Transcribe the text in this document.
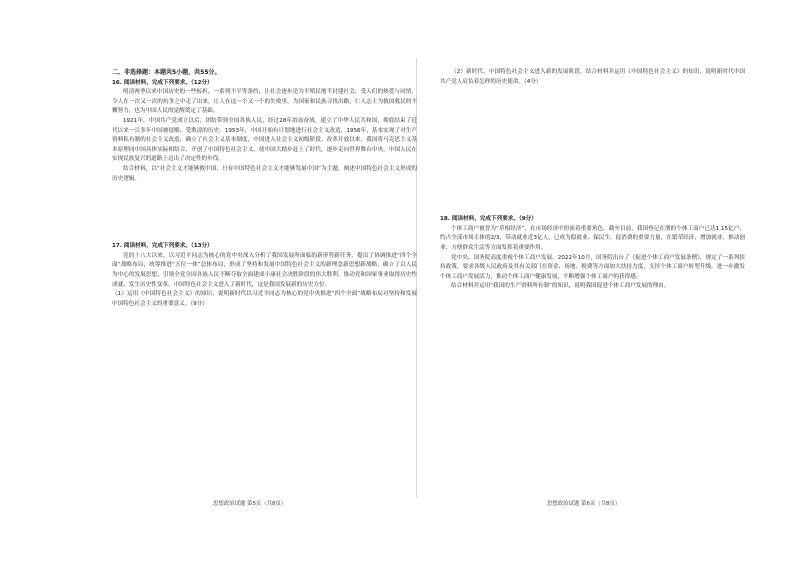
二、非选择题：本题共5小题，共55分。

16. 阅读材料，完成下列要求。（12分）

明清两季以来中国历史的一些转折，一系列不平等条约，让社会逐步沦为半殖民地半封建社会，受人们的热爱与同情，令人在一次又一次的抗争之中走了出来，让人在这一个又一个的失败里，为国家和民族寻找出路，仁人志士为救国救民的不懈努力，也为中国人民的觉醒奠定了基础。

1921年，中国共产党成立以后，团结带领全国各族人民，经过28年浴血奋战，建立了中华人民共和国，彻底结束了近代以来一百多年中国被侵略、受欺凌的历史。1953年，中国开始有计划地进行社会主义改造，1956年，基本实现了对生产资料私有制的社会主义改造，确立了社会主义基本制度，中国进入社会主义初级阶段。改革开放以来，我国将马克思主义基本原理同中国具体实际相结合，开创了中国特色社会主义，使中国大踏步赶上了时代，逐步走向世界舞台中央，中国人民在实现民族复兴的道路上迈出了决定性的步伐。

结合材料，以“社会主义才能够救中国、只有中国特色社会主义才能够发展中国”为主题，阐述中国特色社会主义形成的历史逻辑。

17. 阅读材料，完成下列要求。（13分）

党的十八大以来，以习近平同志为核心的党中央深入分析了我国发展所面临的新形势新任务，提出了协调推进“四个全面”战略布局，统筹推进“五位一体”总体布局，形成了坚持和发展中国特色社会主义的新理念新思想新战略，确立了以人民为中心的发展思想，引领全党全国各族人民不断夺取全面建成小康社会决胜阶段的伟大胜利，推动党和国家事业取得历史性成就、发生历史性变革，中国特色社会主义进入了新时代，这是我国发展新的历史方位。

（1）运用《中国特色社会主义》的知识，说明新时代以习近平同志为核心的党中央推进“四个全面”战略布局对坚持和发展中国特色社会主义的重要意义。（9分）

（2）新时代，中国特色社会主义进入新的发展阶段，结合材料并运用《中国特色社会主义》的知识，说明新时代中国共产党人肩负着怎样的历史使命。（4分）

18. 阅读材料，完成下列要求。（9分）

个体工商户被誉为“草根经济”，在市场经济中扮演着重要角色。截至目前，我国登记在册的个体工商户已达1.15亿户，约占全部市场主体的2/3，带动就业近3亿人，已成为稳就业、保民生、促消费的重要力量，在繁荣经济、增加就业、推动创业、方便群众生活等方面发挥着重要作用。

党中央、国务院高度重视个体工商户发展。2022年10月，国务院出台了《促进个体工商户发展条例》，规定了一系列扶持政策，要求各级人民政府及其有关部门在资金、场地、税费等方面加大扶持力度，支持个体工商户转型升级，进一步激发个体工商户发展活力，推动个体工商户健康发展，不断增强个体工商户的获得感。

结合材料并运用“我国的生产资料所有制”的知识，说明我国促进个体工商户发展的理由。

思想政治试题 第5页（共8页）	思想政治试题 第6页（共8页）
